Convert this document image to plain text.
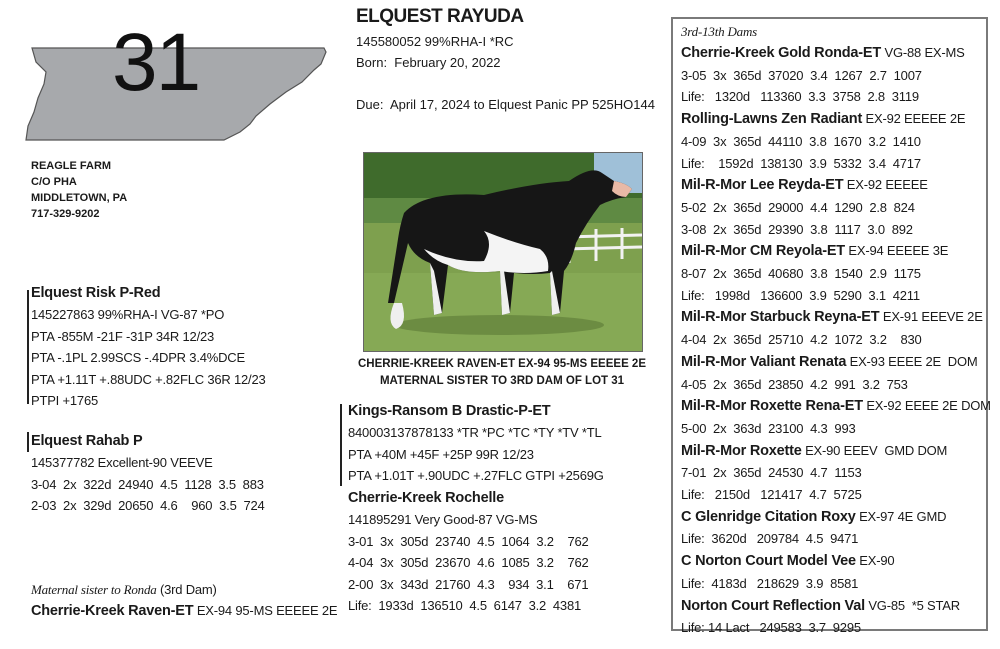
31
REAGLE FARM
C/O PHA
MIDDLETOWN, PA
717-329-9202
ELQUEST RAYUDA
145580052 99%RHA-I *RC
Born:  February 20, 2022
Due:  April 17, 2024 to Elquest Panic PP 525HO144
CHERRIE-KREEK RAVEN-ET EX-94 95-MS EEEEE 2E
MATERNAL SISTER TO 3RD DAM OF LOT 31
Elquest Risk P-Red
145227863 99%RHA-I VG-87 *PO
PTA -855M -21F -31P 34R 12/23
PTA -.1PL 2.99SCS -.4DPR 3.4%DCE
PTA +1.11T +.88UDC +.82FLC 36R 12/23
PTPI +1765
Elquest Rahab P
145377782 Excellent-90 VEEVE
3-04  2x  322d  24940  4.5  1128  3.5  883
2-03  2x  329d  20650  4.6    960  3.5  724
Maternal sister to Ronda (3rd Dam)
Cherrie-Kreek Raven-ET EX-94 95-MS EEEEE 2E
Kings-Ransom B Drastic-P-ET
840003137878133 *TR *PC *TC *TY *TV *TL
PTA +40M +45F +25P 99R 12/23
PTA +1.01T +.90UDC +.27FLC GTPI +2569G
Cherrie-Kreek Rochelle
141895291 Very Good-87 VG-MS
3-01  3x  305d  23740  4.5  1064  3.2    762
4-04  3x  305d  23670  4.6  1085  3.2    762
2-00  3x  343d  21760  4.3    934  3.1    671
Life:  1933d  136510  4.5  6147  3.2  4381
3rd-13th Dams
Cherrie-Kreek Gold Ronda-ET VG-88 EX-MS
3-05  3x  365d  37020  3.4  1267  2.7  1007
Life:   1320d   113360  3.3  3758  2.8  3119
Rolling-Lawns Zen Radiant EX-92 EEEEE 2E
4-09  3x  365d  44110  3.8  1670  3.2  1410
Life:    1592d  138130  3.9  5332  3.4  4717
Mil-R-Mor Lee Reyda-ET EX-92 EEEEE
5-02  2x  365d  29000  4.4  1290  2.8  824
3-08  2x  365d  29390  3.8  1117  3.0  892
Mil-R-Mor CM Reyola-ET EX-94 EEEEE 3E
8-07  2x  365d  40680  3.8  1540  2.9  1175
Life:   1998d   136600  3.9  5290  3.1  4211
Mil-R-Mor Starbuck Reyna-ET EX-91 EEEVE 2E
4-04  2x  365d  25710  4.2  1072  3.2    830
Mil-R-Mor Valiant Renata EX-93 EEEE 2E  DOM
4-05  2x  365d  23850  4.2  991  3.2  753
Mil-R-Mor Roxette Rena-ET EX-92 EEEE 2E DOM
5-00  2x  363d  23100  4.3  993
Mil-R-Mor Roxette EX-90 EEEV  GMD DOM
7-01  2x  365d  24530  4.7  1153
Life:   2150d   121417  4.7  5725
C Glenridge Citation Roxy EX-97 4E GMD
Life:  3620d   209784  4.5  9471
C Norton Court Model Vee EX-90
Life:  4183d   218629  3.9  8581
Norton Court Reflection Val VG-85  *5 STAR
Life: 14 Lact   249583  3.7  9295
